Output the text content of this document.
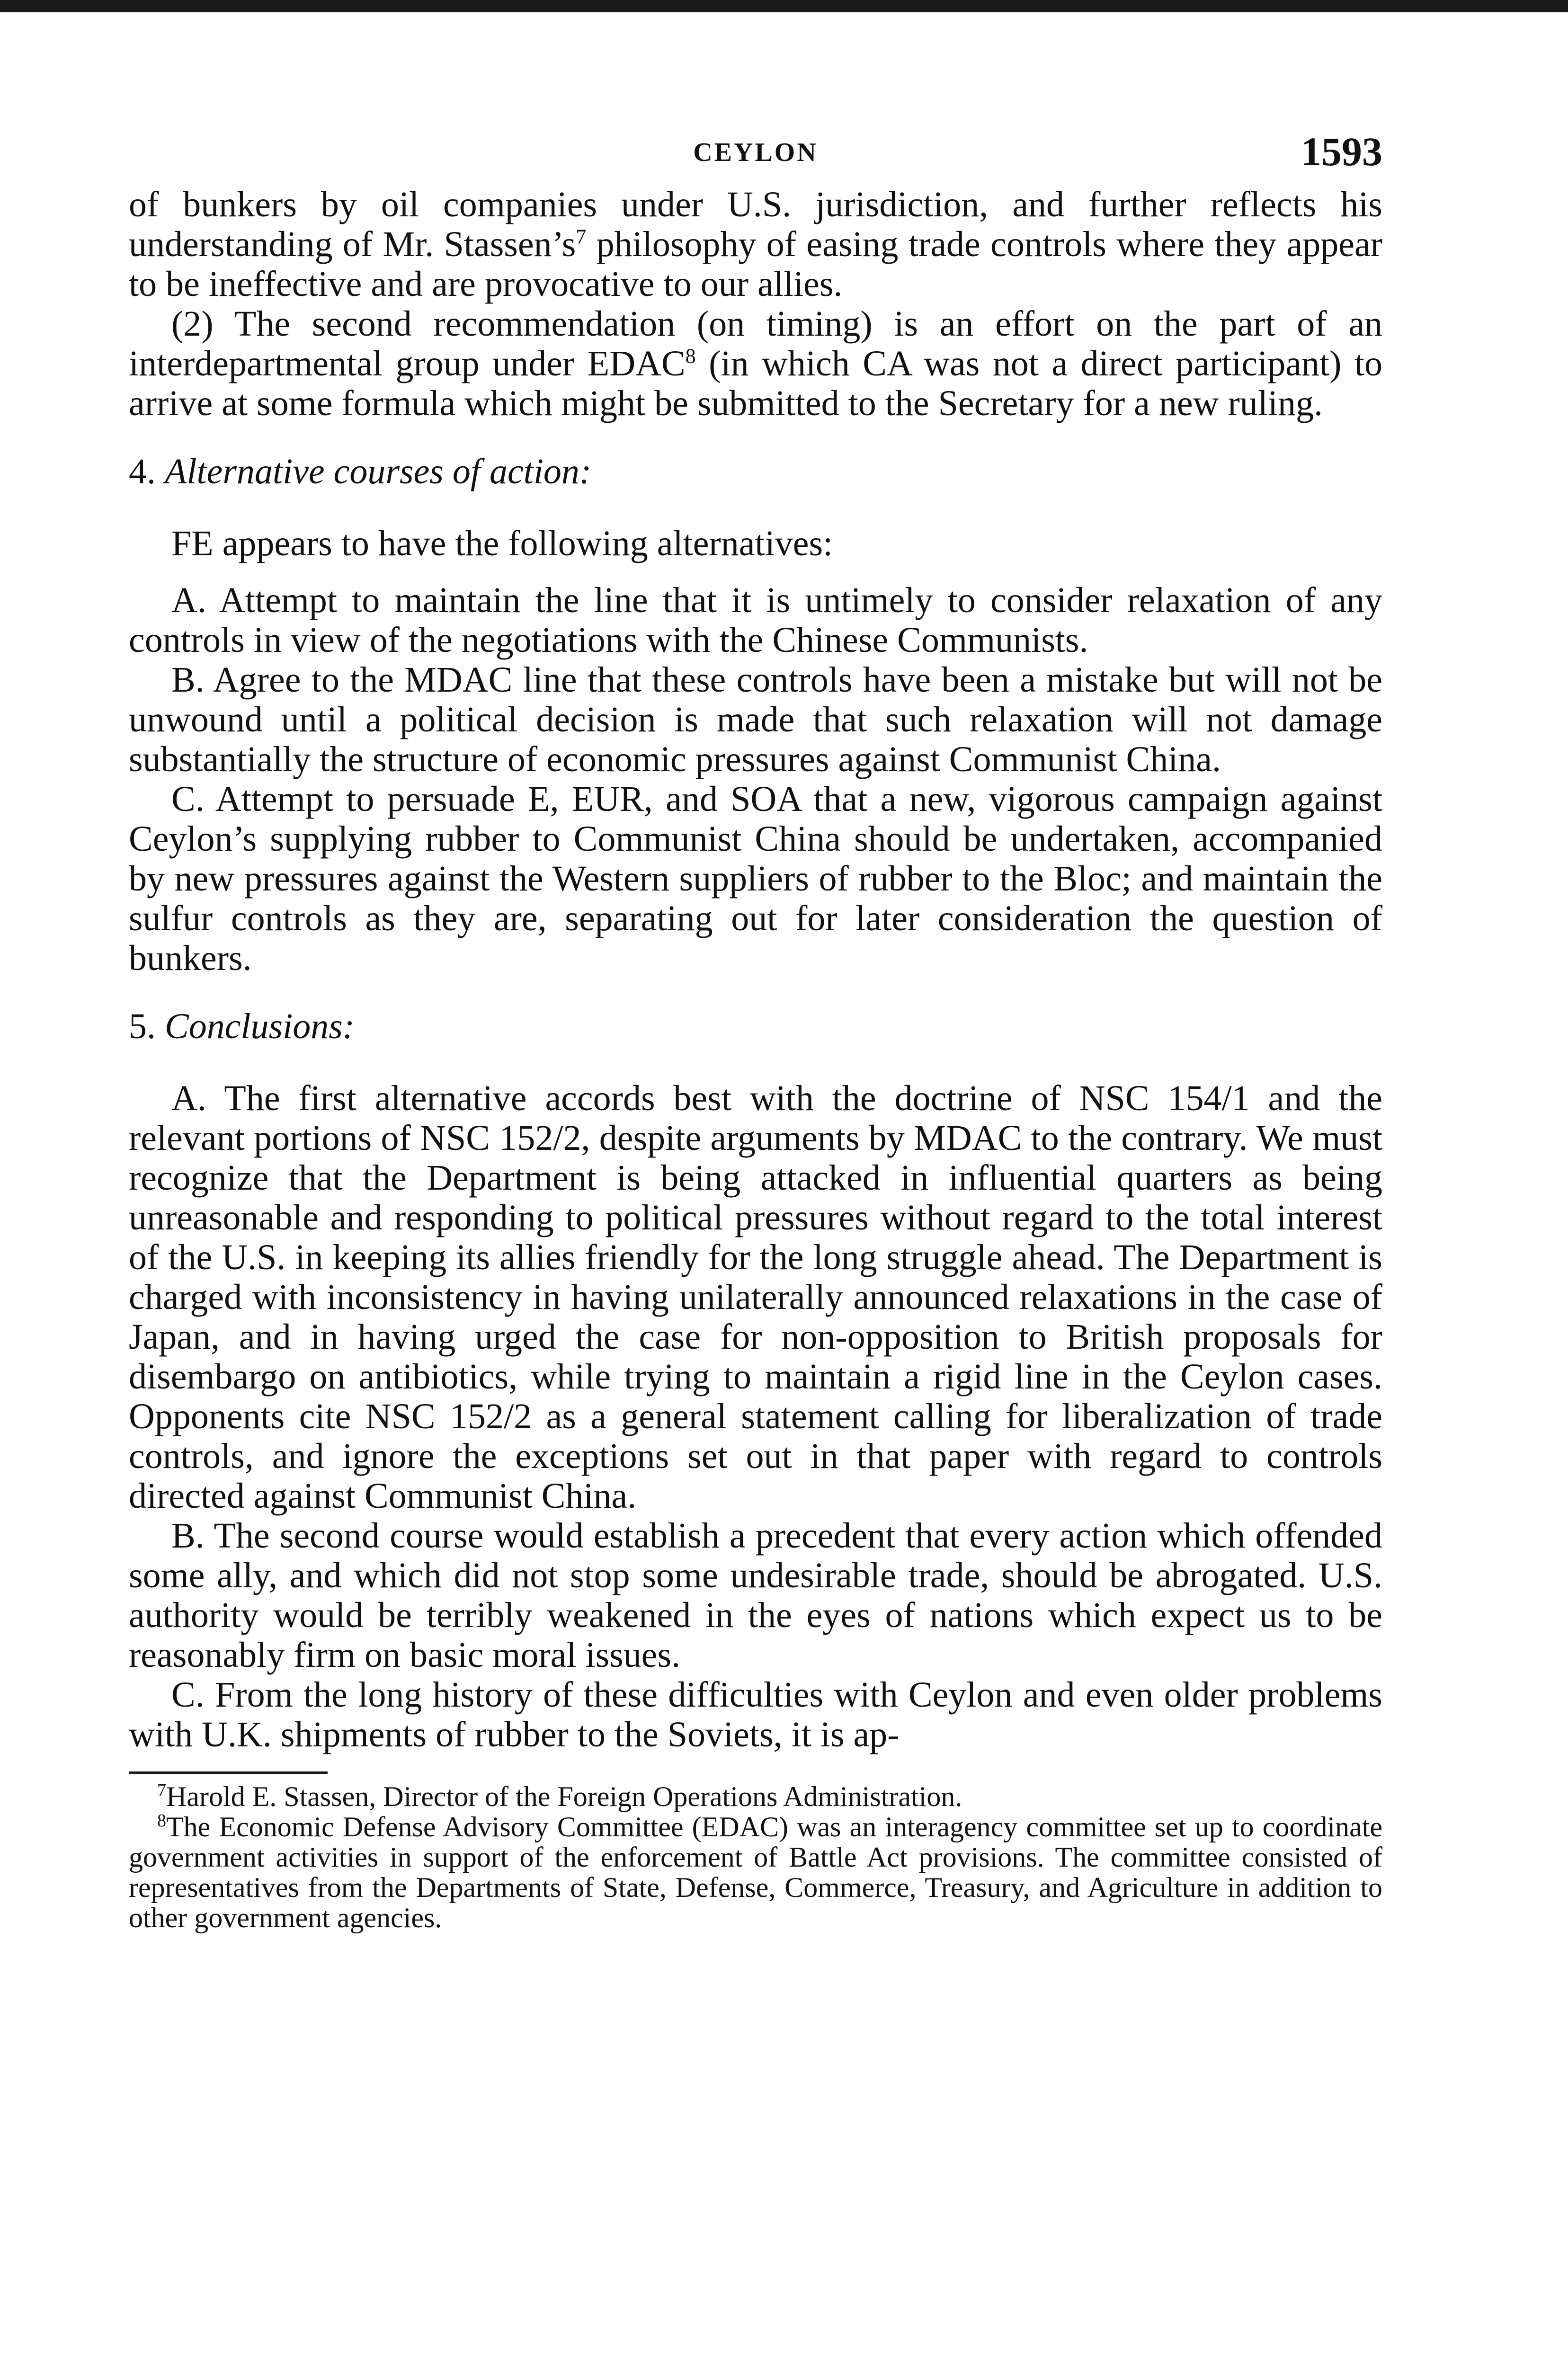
CEYLON	1593

of bunkers by oil companies under U.S. jurisdiction, and further reflects his understanding of Mr. $Stassen’s^7$ philosophy of easing trade controls where they appear to be ineffective and are provocative to our allies.

(2) The second recommendation (on timing) is an effort on the part of an interdepartmental group under EDAC$^8$ (in which CA was not a direct participant) to arrive at some formula which might be submitted to the Secretary for a new ruling.

4. Alternative courses of action:

FE appears to have the following alternatives:

A. Attempt to maintain the line that it is untimely to consider relaxation of any controls in view of the negotiations with the Chinese Communists.

B. Agree to the MDAC line that these controls have been a mistake but will not be unwound until a political decision is made that such relaxation will not damage substantially the structure of economic pressures against Communist China.

C. Attempt to persuade E, EUR, and SOA that a new, vigorous campaign against Ceylon’s supplying rubber to Communist China should be undertaken, accompanied by new pressures against the Western suppliers of rubber to the Bloc; and maintain the sulfur controls as they are, separating out for later consideration the question of bunkers.

5. Conclusions:

A. The first alternative accords best with the doctrine of NSC 154/1 and the relevant portions of NSC 152/2, despite arguments by MDAC to the contrary. We must recognize that the Department is being attacked in influential quarters as being unreasonable and responding to political pressures without regard to the total interest of the U.S. in keeping its allies friendly for the long struggle ahead. The Department is charged with inconsistency in having unilaterally announced relaxations in the case of Japan, and in having urged the case for non-opposition to British proposals for disembargo on antibiotics, while trying to maintain a rigid line in the Ceylon cases. Opponents cite NSC 152/2 as a general statement calling for liberalization of trade controls, and ignore the exceptions set out in that paper with regard to controls directed against Communist China.

B. The second course would establish a precedent that every action which offended some ally, and which did not stop some undesirable trade, should be abrogated. U.S. authority would be terribly weakened in the eyes of nations which expect us to be reasonably firm on basic moral issues.

C. From the long history of these difficulties with Ceylon and even older problems with U.K. shipments of rubber to the Soviets, it is ap-

$^7$Harold E. Stassen, Director of the Foreign Operations Administration.

$^8$The Economic Defense Advisory Committee (EDAC) was an interagency committee set up to coordinate government activities in support of the enforcement of Battle Act provisions. The committee consisted of representatives from the Departments of State, Defense, Commerce, Treasury, and Agriculture in addition to other government agencies.
